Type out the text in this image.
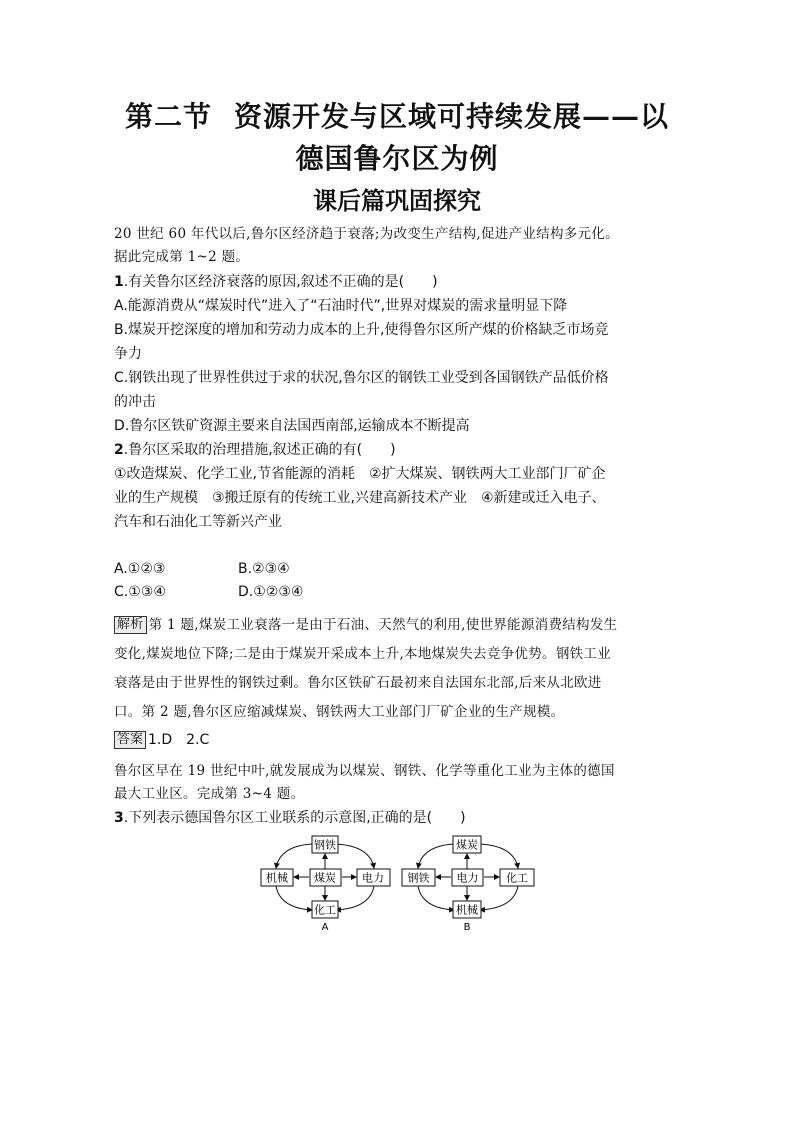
第二节 资源开发与区域可持续发展——以
德国鲁尔区为例
课后篇巩固探究
20 世纪 60 年代以后,鲁尔区经济趋于衰落;为改变生产结构,促进产业结构多元化。
据此完成第 1~2 题。
1.有关鲁尔区经济衰落的原因,叙述不正确的是(　　)
A.能源消费从“煤炭时代”进入了“石油时代”,世界对煤炭的需求量明显下降
B.煤炭开挖深度的增加和劳动力成本的上升,使得鲁尔区所产煤的价格缺乏市场竞
争力
C.钢铁出现了世界性供过于求的状况,鲁尔区的钢铁工业受到各国钢铁产品低价格
的冲击
D.鲁尔区铁矿资源主要来自法国西南部,运输成本不断提高
2.鲁尔区采取的治理措施,叙述正确的有(　　)
①改造煤炭、化学工业,节省能源的消耗　②扩大煤炭、钢铁两大工业部门厂矿企
业的生产规模　③搬迁原有的传统工业,兴建高新技术产业　④新建或迁入电子、
汽车和石油化工等新兴产业
A.①②③	B.②③④
C.①③④	D.①②③④
解析 第 1 题,煤炭工业衰落一是由于石油、天然气的利用,使世界能源消费结构发生
变化,煤炭地位下降;二是由于煤炭开采成本上升,本地煤炭失去竞争优势。钢铁工业
衰落是由于世界性的钢铁过剩。鲁尔区铁矿石最初来自法国东北部,后来从北欧进
口。第 2 题,鲁尔区应缩减煤炭、钢铁两大工业部门厂矿企业的生产规模。
答案 1.D　2.C
鲁尔区早在 19 世纪中叶,就发展成为以煤炭、钢铁、化学等重化工业为主体的德国
最大工业区。完成第 3~4 题。
3.下列表示德国鲁尔区工业联系的示意图,正确的是(　　)
钢铁
机械 煤炭 电力
化工
A
煤炭
钢铁 电力	化工
机械
B
